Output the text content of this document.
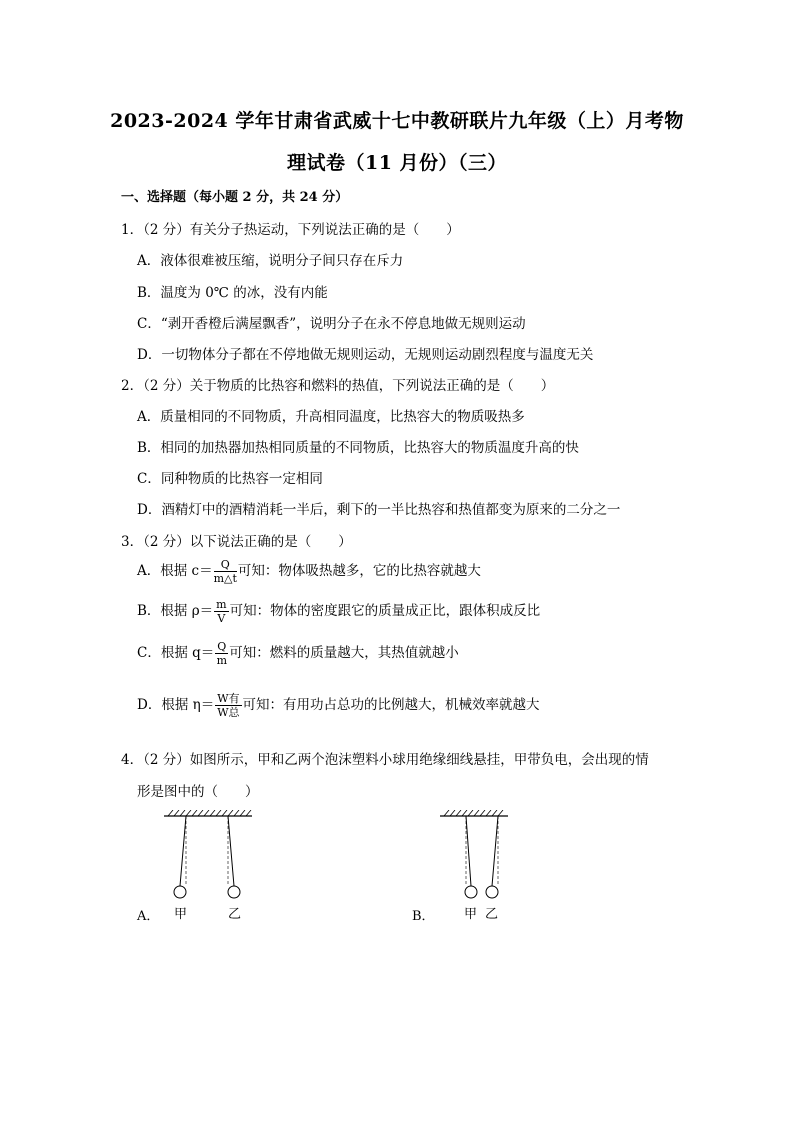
2023-2024 学年甘肃省武威十七中教研联片九年级（上）月考物
理试卷（11 月份）（三）
一、选择题（每小题 2 分，共 24 分）
1．（2 分）有关分子热运动，下列说法正确的是（　　）
A．液体很难被压缩，说明分子间只存在斥力
B．温度为 0℃ 的冰，没有内能
C．“剥开香橙后满屋飘香”，说明分子在永不停息地做无规则运动
D．一切物体分子都在不停地做无规则运动，无规则运动剧烈程度与温度无关
2．（2 分）关于物质的比热容和燃料的热值，下列说法正确的是（　　）
A．质量相同的不同物质，升高相同温度，比热容大的物质吸热多
B．相同的加热器加热相同质量的不同物质，比热容大的物质温度升高的快
C．同种物质的比热容一定相同
D．酒精灯中的酒精消耗一半后，剩下的一半比热容和热值都变为原来的二分之一
3．（2 分）以下说法正确的是（　　）
A．根据 $c= \frac{Q}{m\triangle t}$ 可知：物体吸热越多，它的比热容就越大
B．根据 $\rho= \frac{m}{V}$ 可知：物体的密度跟它的质量成正比，跟体积成反比
C．根据 $q= \frac{Q}{m}$ 可知：燃料的质量越大，其热值就越小
D．根据 $\eta= \frac{\text{W有}}{\text{W总}}$ 可知：有用功占总功的比例越大，机械效率就越大
4．（2 分）如图所示，甲和乙两个泡沫塑料小球用绝缘细线悬挂，甲带负电，会出现的情
形是图中的（　　）
A． 甲	乙	B． 甲 乙
